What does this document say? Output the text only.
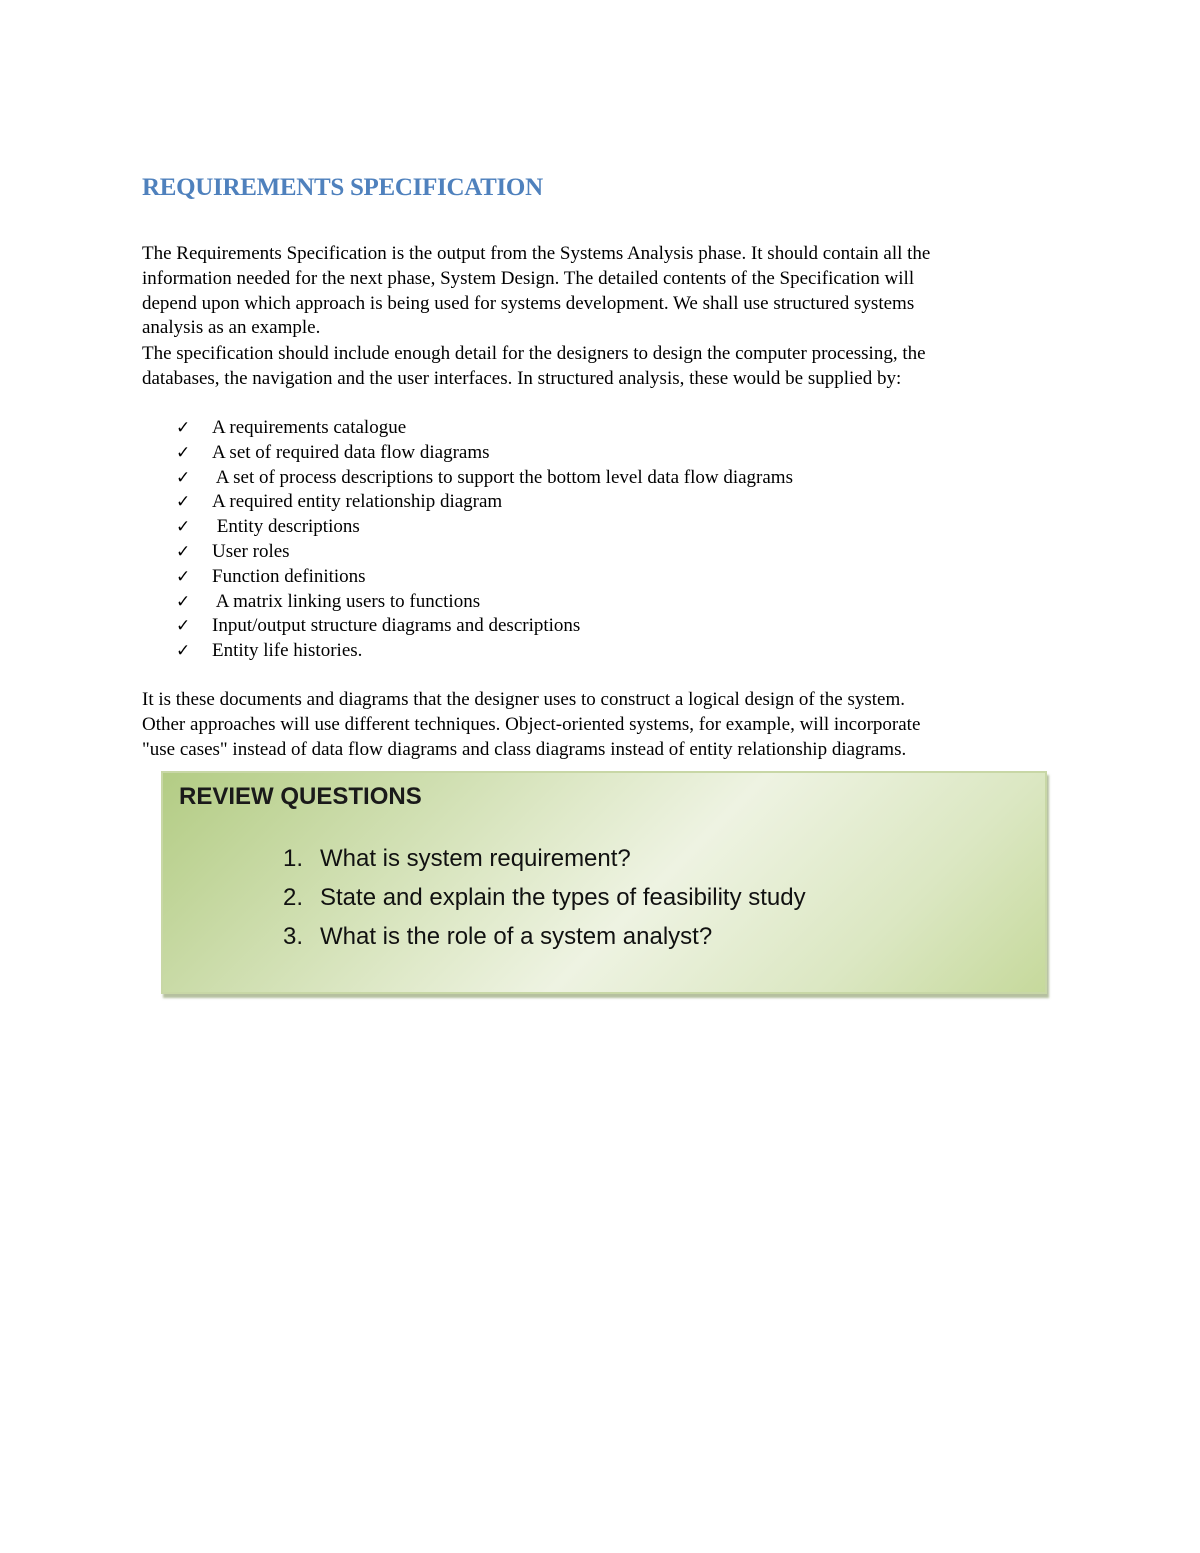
REQUIREMENTS SPECIFICATION

The Requirements Specification is the output from the Systems Analysis phase. It should contain all the
information needed for the next phase, System Design. The detailed contents of the Specification will
depend upon which approach is being used for systems development. We shall use structured systems
analysis as an example.

The specification should include enough detail for the designers to design the computer processing, the
databases, the navigation and the user interfaces. In structured analysis, these would be supplied by:

✓	A requirements catalogue
✓	A set of required data flow diagrams
✓	A set of process descriptions to support the bottom level data flow diagrams
✓	A required entity relationship diagram
✓	Entity descriptions
✓	User roles
✓	Function definitions
✓	A matrix linking users to functions
✓	Input/output structure diagrams and descriptions
✓	Entity life histories.

It is these documents and diagrams that the designer uses to construct a logical design of the system.
Other approaches will use different techniques. Object-oriented systems, for example, will incorporate
"use cases" instead of data flow diagrams and class diagrams instead of entity relationship diagrams.

REVIEW QUESTIONS
1. What is system requirement?
2. State and explain the types of feasibility study
3. What is the role of a system analyst?
